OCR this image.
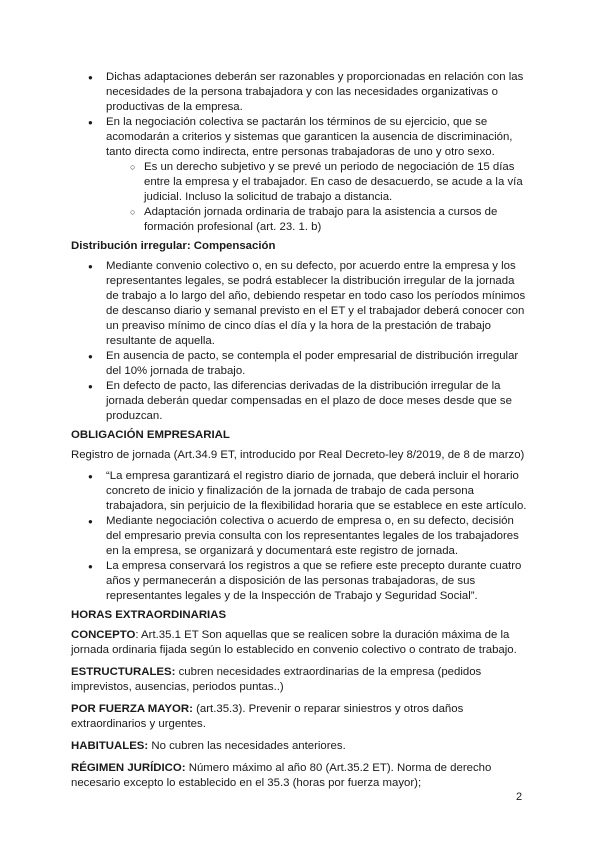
● Dichas adaptaciones deberán ser razonables y proporcionadas en relación con las necesidades de la persona trabajadora y con las necesidades organizativas o productivas de la empresa.
● En la negociación colectiva se pactarán los términos de su ejercicio, que se acomodarán a criterios y sistemas que garanticen la ausencia de discriminación, tanto directa como indirecta, entre personas trabajadoras de uno y otro sexo.
○ Es un derecho subjetivo y se prevé un periodo de negociación de 15 días entre la empresa y el trabajador. En caso de desacuerdo, se acude a la vía judicial. Incluso la solicitud de trabajo a distancia.
○ Adaptación jornada ordinaria de trabajo para la asistencia a cursos de formación profesional (art. 23. 1. b)
Distribución irregular: Compensación
● Mediante convenio colectivo o, en su defecto, por acuerdo entre la empresa y los representantes legales, se podrá establecer la distribución irregular de la jornada de trabajo a lo largo del año, debiendo respetar en todo caso los períodos mínimos de descanso diario y semanal previsto en el ET y el trabajador deberá conocer con un preaviso mínimo de cinco días el día y la hora de la prestación de trabajo resultante de aquella.
● En ausencia de pacto, se contempla el poder empresarial de distribución irregular del 10% jornada de trabajo.
● En defecto de pacto, las diferencias derivadas de la distribución irregular de la jornada deberán quedar compensadas en el plazo de doce meses desde que se produzcan.
OBLIGACIÓN EMPRESARIAL
Registro de jornada (Art.34.9 ET, introducido por Real Decreto-ley 8/2019, de 8 de marzo)
● “La empresa garantizará el registro diario de jornada, que deberá incluir el horario concreto de inicio y finalización de la jornada de trabajo de cada persona trabajadora, sin perjuicio de la flexibilidad horaria que se establece en este artículo.
● Mediante negociación colectiva o acuerdo de empresa o, en su defecto, decisión del empresario previa consulta con los representantes legales de los trabajadores en la empresa, se organizará y documentará este registro de jornada.
● La empresa conservará los registros a que se refiere este precepto durante cuatro años y permanecerán a disposición de las personas trabajadoras, de sus representantes legales y de la Inspección de Trabajo y Seguridad Social”.
HORAS EXTRAORDINARIAS
CONCEPTO: Art.35.1 ET Son aquellas que se realicen sobre la duración máxima de la jornada ordinaria fijada según lo establecido en convenio colectivo o contrato de trabajo.
ESTRUCTURALES: cubren necesidades extraordinarias de la empresa (pedidos imprevistos, ausencias, periodos puntas..)
POR FUERZA MAYOR: (art.35.3). Prevenir o reparar siniestros y otros daños extraordinarios y urgentes.
HABITUALES: No cubren las necesidades anteriores.
RÉGIMEN JURÍDICO: Número máximo al año 80 (Art.35.2 ET). Norma de derecho necesario excepto lo establecido en el 35.3 (horas por fuerza mayor);
2
